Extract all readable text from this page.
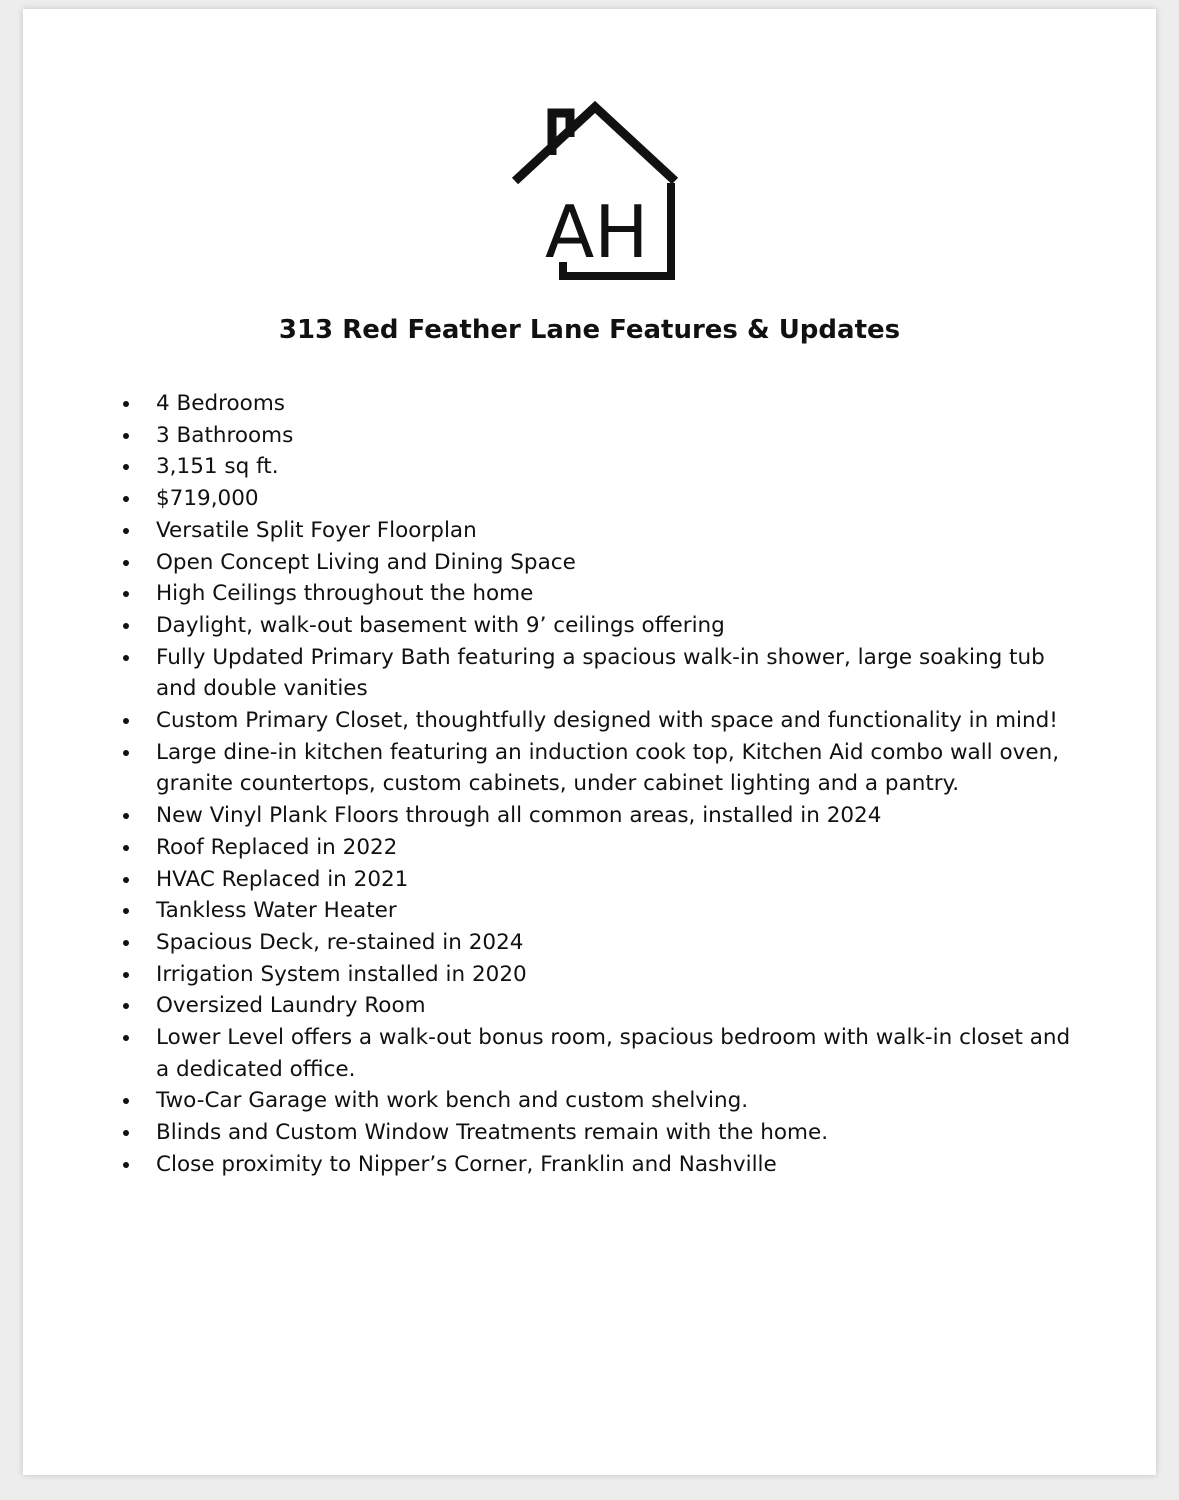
AH
313 Red Feather Lane Features & Updates
4 Bedrooms
3 Bathrooms
3,151 sq ft.
$719,000
Versatile Split Foyer Floorplan
Open Concept Living and Dining Space
High Ceilings throughout the home
Daylight, walk-out basement with 9’ ceilings offering
Fully Updated Primary Bath featuring a spacious walk-in shower, large soaking tub and double vanities
Custom Primary Closet, thoughtfully designed with space and functionality in mind!
Large dine-in kitchen featuring an induction cook top, Kitchen Aid combo wall oven, granite countertops, custom cabinets, under cabinet lighting and a pantry.
New Vinyl Plank Floors through all common areas, installed in 2024
Roof Replaced in 2022
HVAC Replaced in 2021
Tankless Water Heater
Spacious Deck, re-stained in 2024
Irrigation System installed in 2020
Oversized Laundry Room
Lower Level offers a walk-out bonus room, spacious bedroom with walk-in closet and a dedicated office.
Two-Car Garage with work bench and custom shelving.
Blinds and Custom Window Treatments remain with the home.
Close proximity to Nipper’s Corner, Franklin and Nashville
